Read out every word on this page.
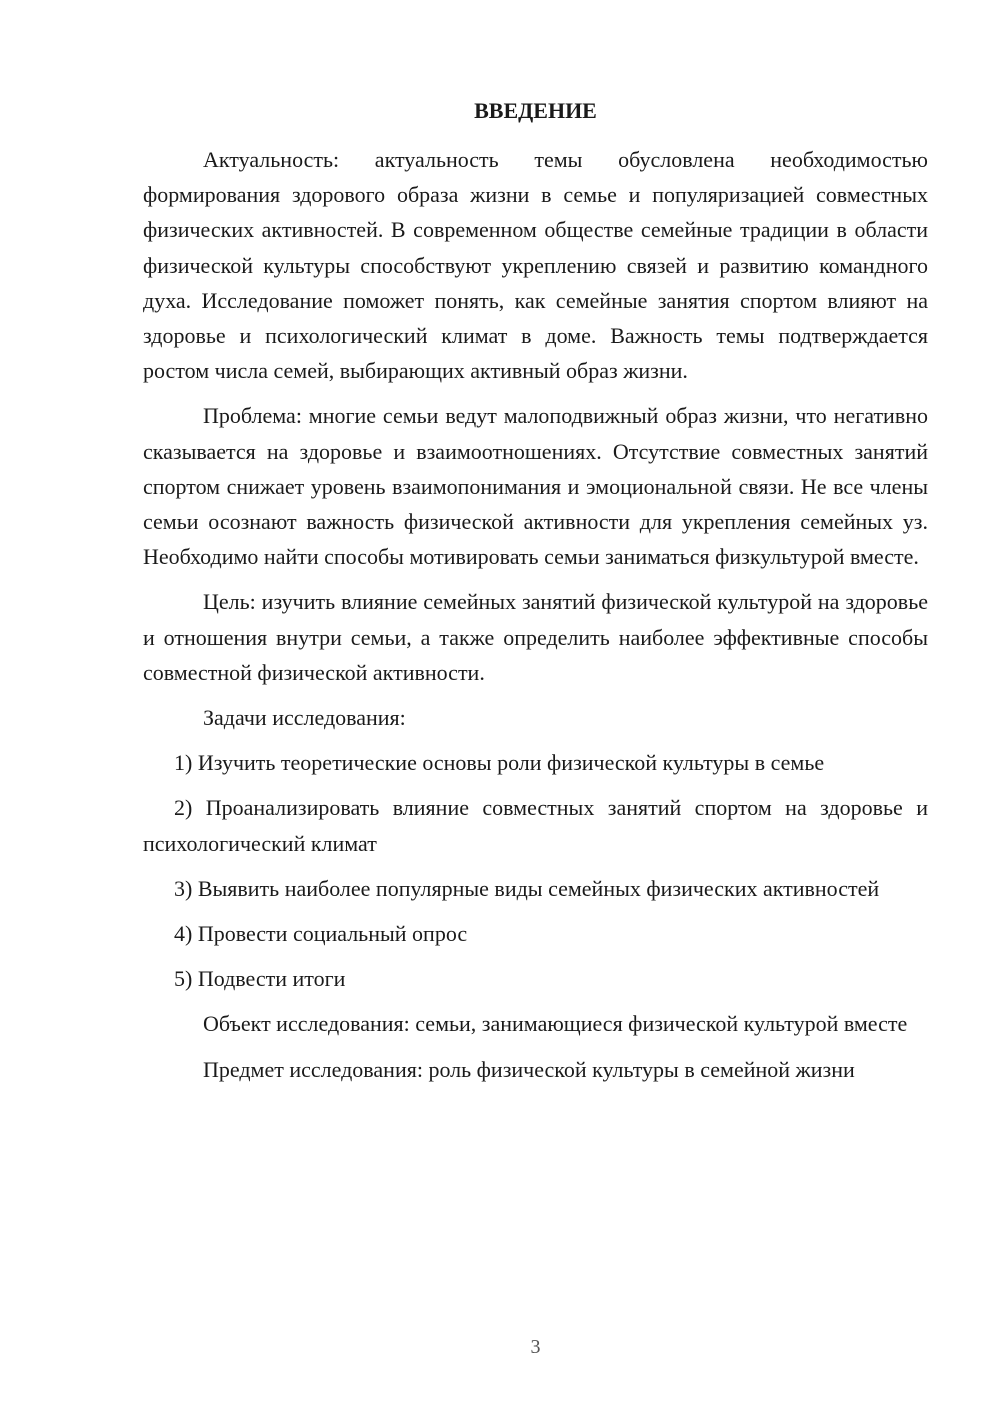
ВВЕДЕНИЕ

Актуальность: актуальность темы обусловлена необходимостью формирования здорового образа жизни в семье и популяризацией совместных физических активностей. В современном обществе семейные традиции в области физической культуры способствуют укреплению связей и развитию командного духа. Исследование поможет понять, как семейные занятия спортом влияют на здоровье и психологический климат в доме. Важность темы подтверждается ростом числа семей, выбирающих активный образ жизни.

Проблема: многие семьи ведут малоподвижный образ жизни, что негативно сказывается на здоровье и взаимоотношениях. Отсутствие совместных занятий спортом снижает уровень взаимопонимания и эмоциональной связи. Не все члены семьи осознают важность физической активности для укрепления семейных уз. Необходимо найти способы мотивировать семьи заниматься физкультурой вместе.

Цель: изучить влияние семейных занятий физической культурой на здоровье и отношения внутри семьи, а также определить наиболее эффективные способы совместной физической активности.

Задачи исследования:

1) Изучить теоретические основы роли физической культуры в семье

2) Проанализировать влияние совместных занятий спортом на здоровье и психологический климат

3) Выявить наиболее популярные виды семейных физических активностей

4) Провести социальный опрос

5) Подвести итоги

Объект исследования: семьи, занимающиеся физической культурой вместе

Предмет исследования: роль физической культуры в семейной жизни

3
